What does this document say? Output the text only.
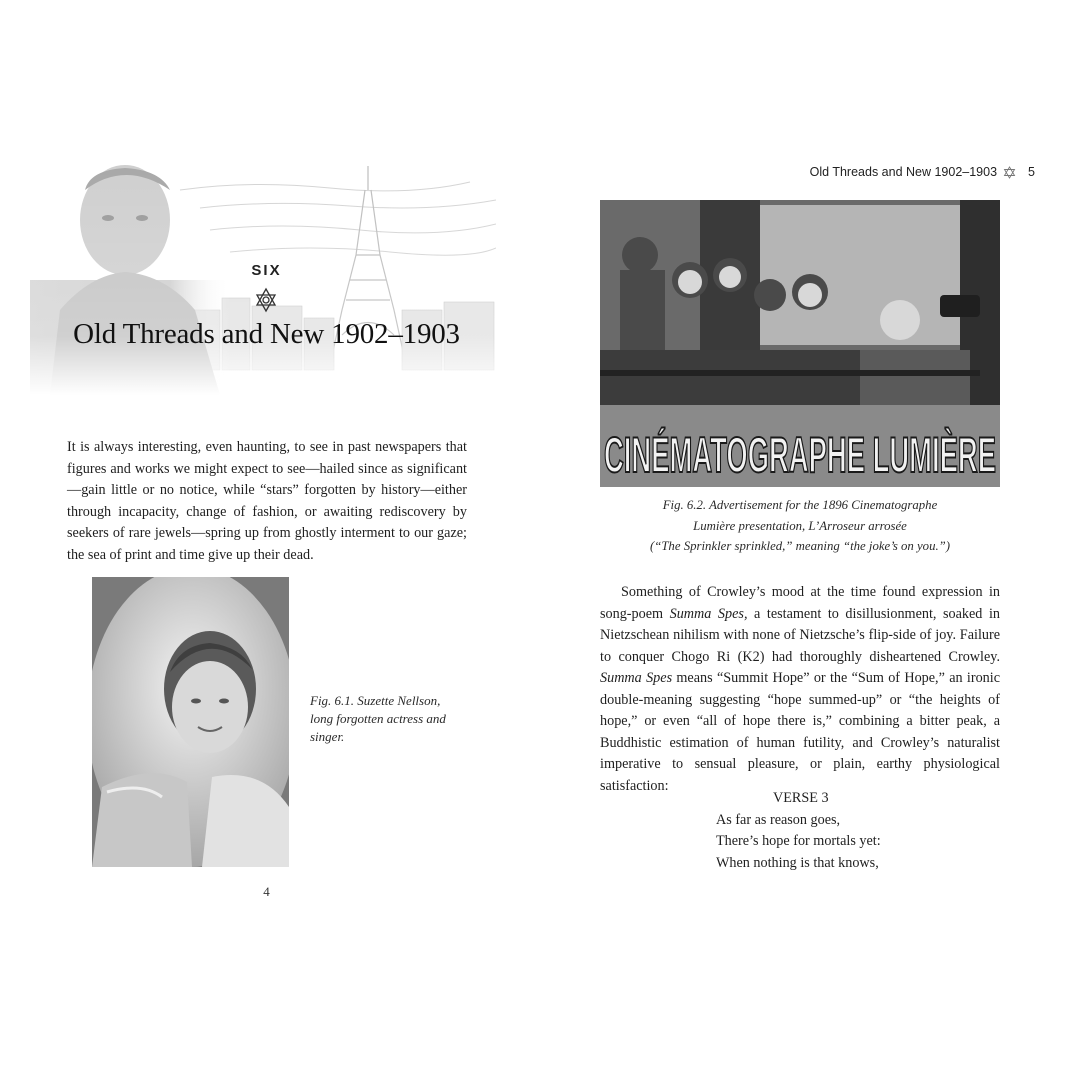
SIX
Old Threads and New 1902–1903
It is always interesting, even haunting, to see in past newspapers that figures and works we might expect to see—hailed since as significant—gain little or no notice, while “stars” forgotten by history—either through incapacity, change of fashion, or awaiting rediscovery by seekers of rare jewels—spring up from ghostly interment to our gaze; the sea of print and time give up their dead.
Fig. 6.1. Suzette Nellson, long forgotten actress and singer.
4
Old Threads and New 1902–1903	5
CINÉMATOGRAPHE LUMIÈRE
Fig. 6.2. Advertisement for the 1896 Cinematographe
Lumière presentation, L’Arroseur arrosée
(“The Sprinkler sprinkled,” meaning “the joke’s on you.”)
Something of Crowley’s mood at the time found expression in song-poem Summa Spes, a testament to disillusionment, soaked in Nietzschean nihilism with none of Nietzsche’s flip-side of joy. Failure to conquer Chogo Ri (K2) had thoroughly disheartened Crowley. Summa Spes means “Summit Hope” or the “Sum of Hope,” an ironic double-meaning suggesting “hope summed-up” or “the heights of hope,” or even “all of hope there is,” combining a bitter peak, a Buddhistic estimation of human futility, and Crowley’s naturalist imperative to sensual pleasure, or plain, earthy physiological satisfaction:
VERSE 3
As far as reason goes,
There’s hope for mortals yet:
When nothing is that knows,
